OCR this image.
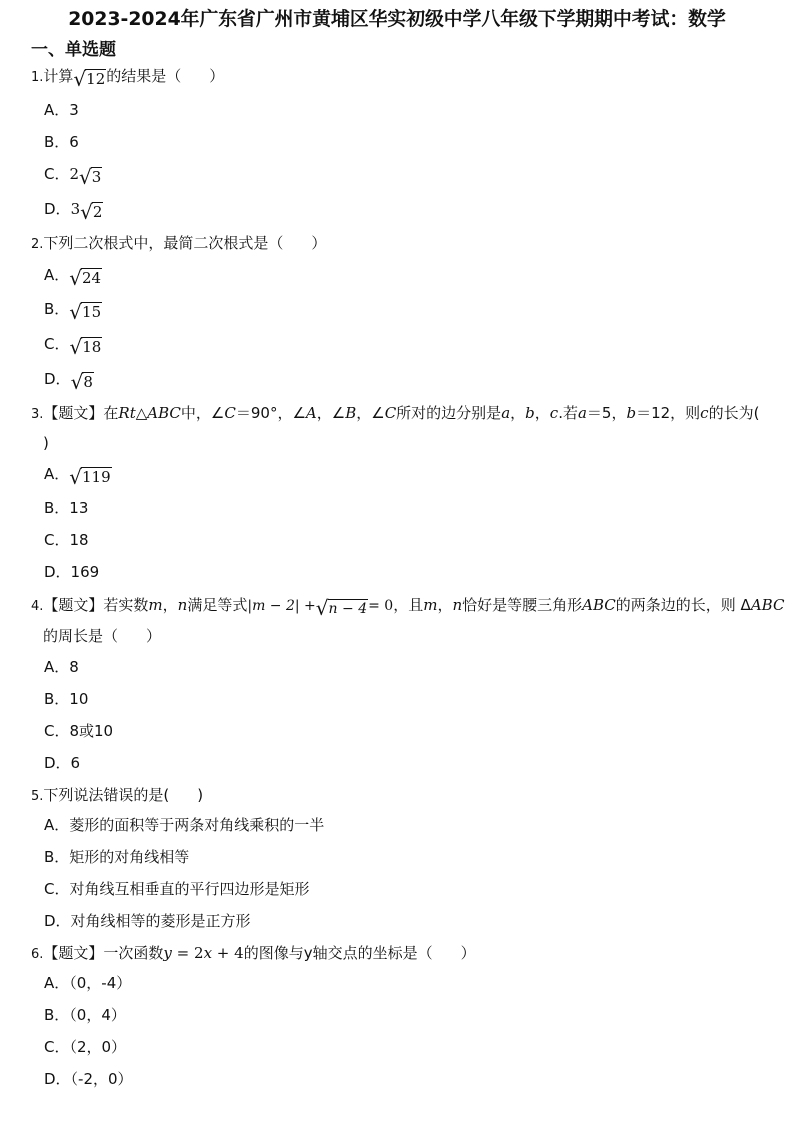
2023-2024年广东省广州市黄埔区华实初级中学八年级下学期期中考试：数学
一、单选题
1.计算√12的结果是（ ）
A．3
B．6
C．2√3
D．3√2
2.下列二次根式中，最简二次根式是（ ）
A．√24
B．√15
C．√18
D．√8
3.【题文】在Rt△ABC中，∠C＝90°，∠A，∠B，∠C所对的边分别是a，b，c.若a＝5，b＝12，则c的长为(
)
A．√119
B．13
C．18
D．169
4.【题文】若实数m，n满足等式|m − 2| +√n − 4= 0，且m，n恰好是等腰三角形ABC的两条边的长，则 ΔABC
的周长是（ ）
A．8
B．10
C．8或10
D．6
5.下列说法错误的是( )
A．菱形的面积等于两条对角线乘积的一半
B．矩形的对角线相等
C．对角线互相垂直的平行四边形是矩形
D．对角线相等的菱形是正方形
6.【题文】一次函数y = 2x + 4的图像与y轴交点的坐标是（ ）
A．（0，-4）
B．（0，4）
C．（2，0）
D．（-2，0）
